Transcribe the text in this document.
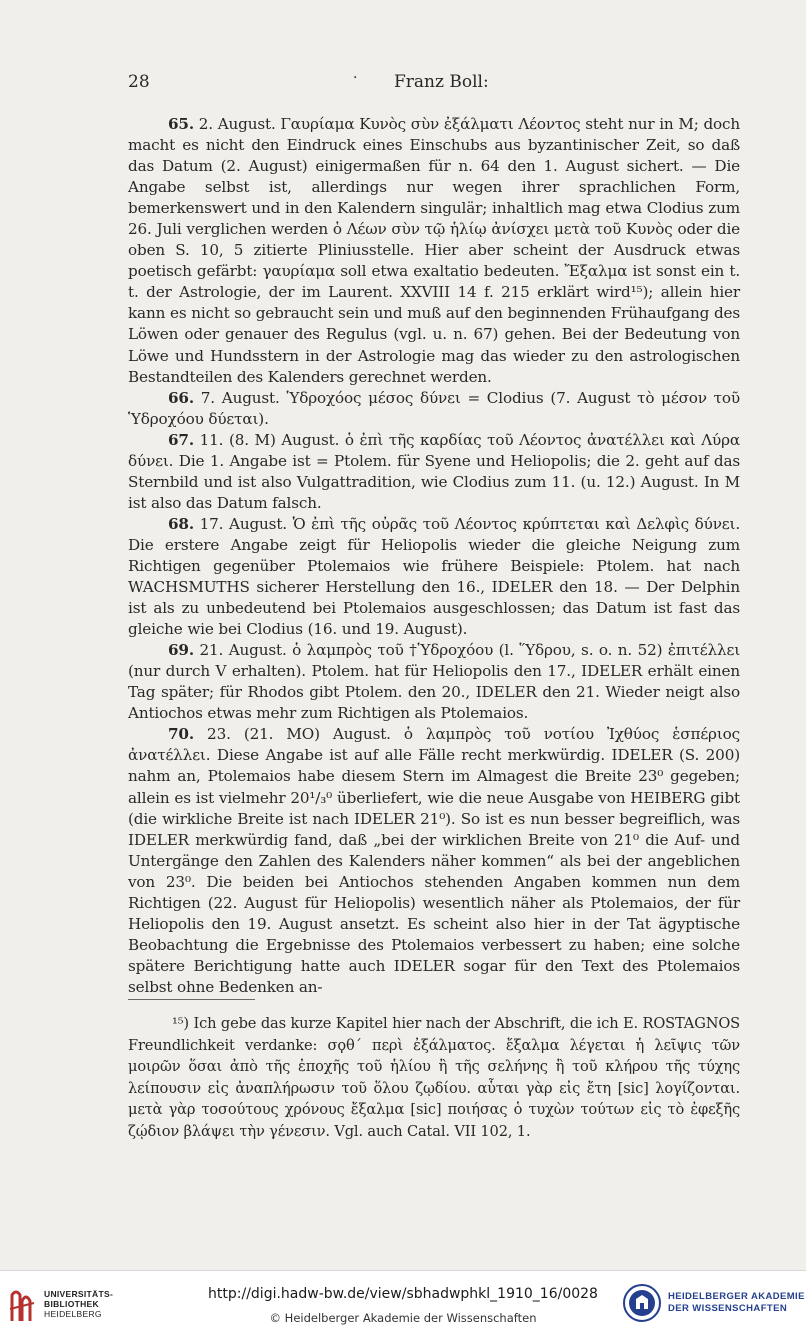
28	· Franz Boll:

65. 2. August. Γαυρίαμα Κυνὸς σὺν ἐξάλματι Λέοντος steht nur in M; doch macht es nicht den Eindruck eines Einschubs aus byzantinischer Zeit, so daß das Datum (2. August) einigermaßen für n. 64 den 1. August sichert. — Die Angabe selbst ist, allerdings nur wegen ihrer sprachlichen Form, bemerkenswert und in den Kalendern singulär; inhaltlich mag etwa Clodius zum 26. Juli verglichen werden ὁ Λέων σὺν τῷ ἡλίῳ ἀνίσχει μετὰ τοῦ Κυνὸς oder die oben S. 10, 5 zitierte Pliniusstelle. Hier aber scheint der Ausdruck etwas poetisch gefärbt: γαυρίαμα soll etwa exaltatio bedeuten. Ἔξαλμα ist sonst ein t. t. der Astrologie, der im Laurent. XXVIII 14 f. 215 erklärt wird¹⁵); allein hier kann es nicht so gebraucht sein und muß auf den beginnenden Frühaufgang des Löwen oder genauer des Regulus (vgl. u. n. 67) gehen. Bei der Bedeutung von Löwe und Hundsstern in der Astrologie mag das wieder zu den astrologischen Bestandteilen des Kalenders gerechnet werden.

66. 7. August. Ὑδροχόος μέσος δύνει = Clodius (7. August τὸ μέσον τοῦ Ὑδροχόου δύεται).

67. 11. (8. M) August. ὁ ἐπὶ τῆς καρδίας τοῦ Λέοντος ἀνατέλλει καὶ Λύρα δύνει. Die 1. Angabe ist = Ptolem. für Syene und Heliopolis; die 2. geht auf das Sternbild und ist also Vulgattradition, wie Clodius zum 11. (u. 12.) August. In M ist also das Datum falsch.

68. 17. August. Ὁ ἐπὶ τῆς οὐρᾶς τοῦ Λέοντος κρύπτεται καὶ Δελφὶς δύνει. Die erstere Angabe zeigt für Heliopolis wieder die gleiche Neigung zum Richtigen gegenüber Ptolemaios wie frühere Beispiele: Ptolem. hat nach WACHSMUTHS sicherer Herstellung den 16., IDELER den 18. — Der Delphin ist als zu unbedeutend bei Ptolemaios ausgeschlossen; das Datum ist fast das gleiche wie bei Clodius (16. und 19. August).

69. 21. August. ὁ λαμπρὸς τοῦ †Ὑδροχόου (l. Ὕδρου, s. o. n. 52) ἐπιτέλλει (nur durch V erhalten). Ptolem. hat für Heliopolis den 17., IDELER erhält einen Tag später; für Rhodos gibt Ptolem. den 20., IDELER den 21. Wieder neigt also Antiochos etwas mehr zum Richtigen als Ptolemaios.

70. 23. (21. MO) August. ὁ λαμπρὸς τοῦ νοτίου Ἰχθύος ἑσπέριος ἀνατέλλει. Diese Angabe ist auf alle Fälle recht merkwürdig. IDELER (S. 200) nahm an, Ptolemaios habe diesem Stern im Almagest die Breite 23⁰ gegeben; allein es ist vielmehr 20¹/₃⁰ überliefert, wie die neue Ausgabe von HEIBERG gibt (die wirkliche Breite ist nach IDELER 21⁰). So ist es nun besser begreiflich, was IDELER merkwürdig fand, daß „bei der wirklichen Breite von 21⁰ die Auf- und Untergänge den Zahlen des Kalenders näher kommen“ als bei der angeblichen von 23⁰. Die beiden bei Antiochos stehenden Angaben kommen nun dem Richtigen (22. August für Heliopolis) wesentlich näher als Ptolemaios, der für Heliopolis den 19. August ansetzt. Es scheint also hier in der Tat ägyptische Beobachtung die Ergebnisse des Ptolemaios verbessert zu haben; eine solche spätere Berichtigung hatte auch IDELER sogar für den Text des Ptolemaios selbst ohne Bedenken an-

¹⁵) Ich gebe das kurze Kapitel hier nach der Abschrift, die ich E. ROSTAGNOS Freundlichkeit verdanke: σϙθ΄ περὶ ἐξάλματος. ἔξαλμα λέγεται ἡ λεῖψις τῶν μοιρῶν ὅσαι ἀπὸ τῆς ἐποχῆς τοῦ ἡλίου ἢ τῆς σελήνης ἢ τοῦ κλήρου τῆς τύχης λείπουσιν εἰς ἀναπλήρωσιν τοῦ ὅλου ζῳδίου. αὗται γὰρ εἰς ἔτη [sic] λογίζονται. μετὰ γὰρ τοσούτους χρόνους ἔξαλμα [sic] ποιήσας ὁ τυχὼν τούτων εἰς τὸ ἐφεξῆς ζῴδιον βλάψει τὴν γένεσιν. Vgl. auch Catal. VII 102, 1.

UNIVERSITÄTS-
BIBLIOTHEK
HEIDELBERG
http://digi.hadw-bw.de/view/sbhadwphkl_1910_16/0028
© Heidelberger Akademie der Wissenschaften
HEIDELBERGER AKADEMIE
DER WISSENSCHAFTEN
